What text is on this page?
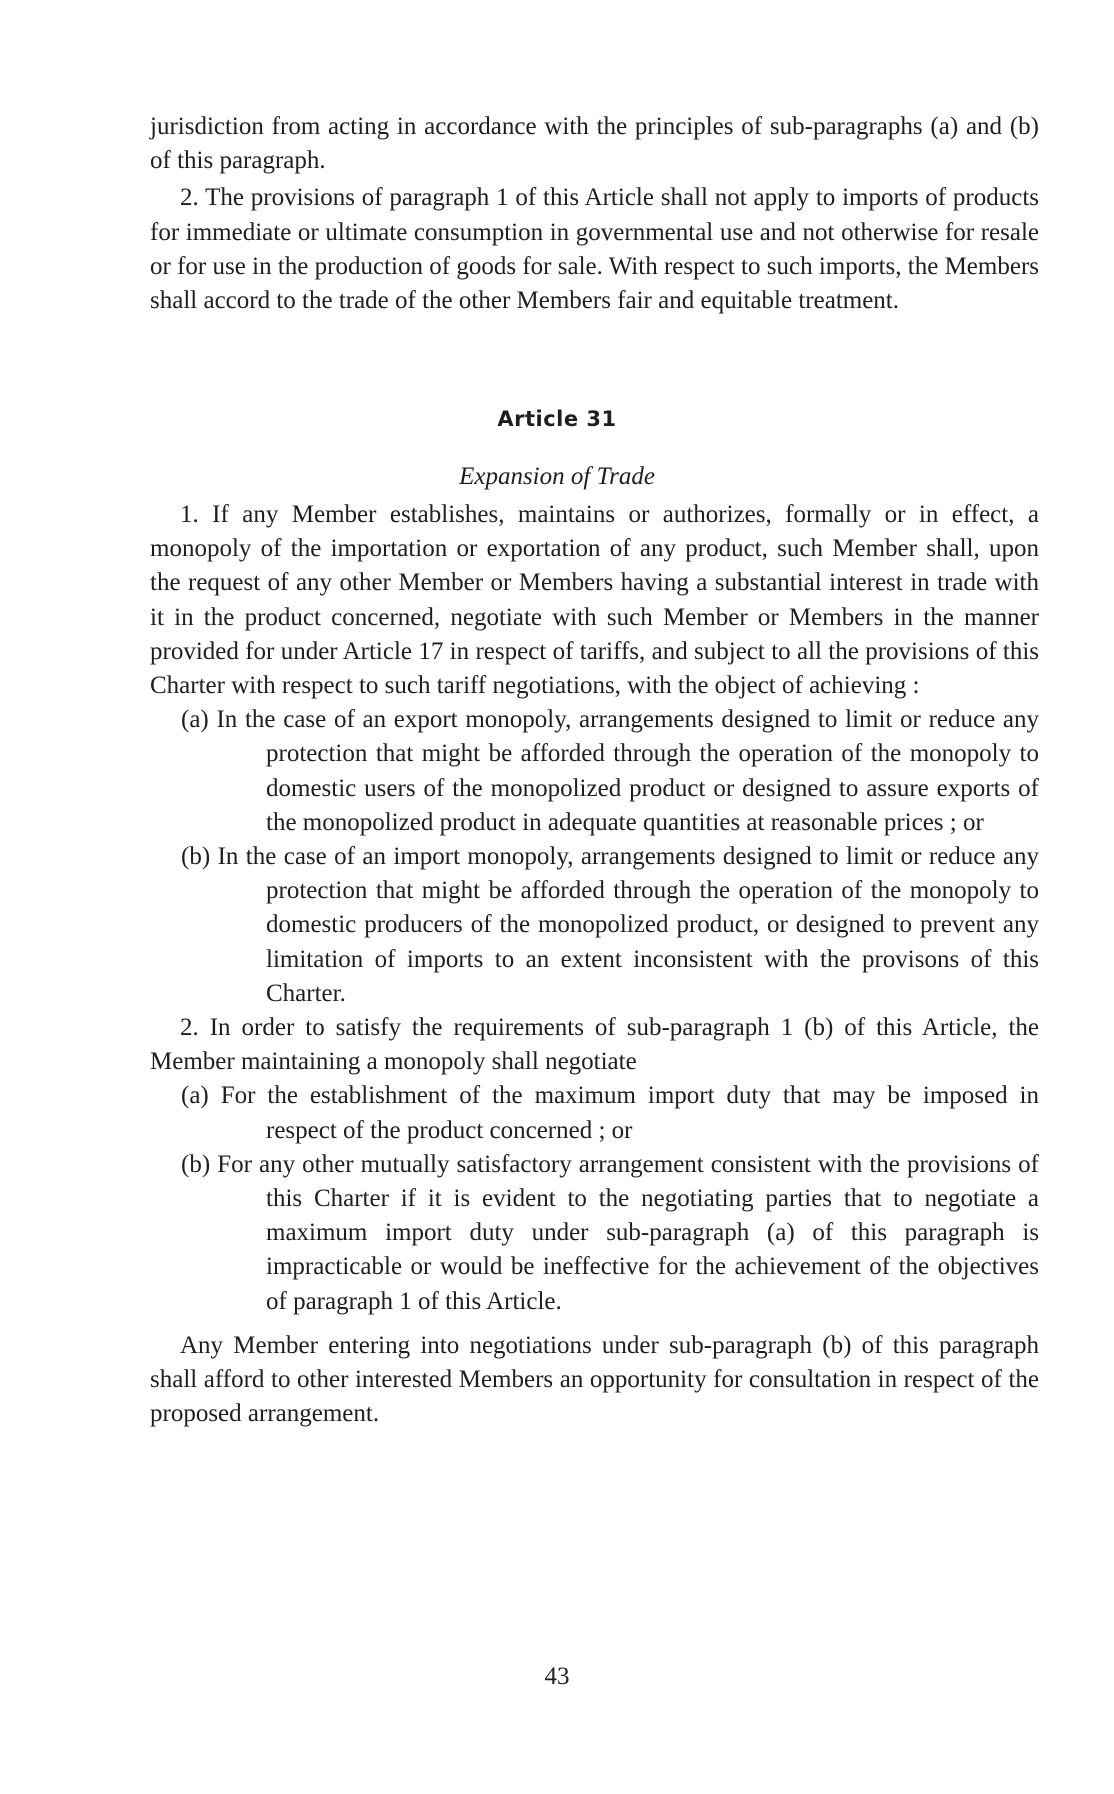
jurisdiction from acting in accordance with the principles of sub-paragraphs (a) and (b) of this paragraph.

2. The provisions of paragraph 1 of this Article shall not apply to imports of products for immediate or ultimate consumption in governmental use and not otherwise for resale or for use in the production of goods for sale. With respect to such imports, the Members shall accord to the trade of the other Members fair and equitable treatment.

Article 31
Expansion of Trade

1. If any Member establishes, maintains or authorizes, formally or in effect, a monopoly of the importation or exportation of any product, such Member shall, upon the request of any other Member or Members having a substantial interest in trade with it in the product concerned, negotiate with such Member or Members in the manner provided for under Article 17 in respect of tariffs, and subject to all the provisions of this Charter with respect to such tariff negotiations, with the object of achieving :

(a) In the case of an export monopoly, arrangements designed to limit or reduce any protection that might be afforded through the operation of the monopoly to domestic users of the monopolized product or designed to assure exports of the monopolized product in adequate quantities at reasonable prices ; or

(b) In the case of an import monopoly, arrangements designed to limit or reduce any protection that might be afforded through the operation of the monopoly to domestic producers of the monopolized product, or designed to prevent any limitation of imports to an extent inconsistent with the provisons of this Charter.

2. In order to satisfy the requirements of sub-paragraph 1 (b) of this Article, the Member maintaining a monopoly shall negotiate

(a) For the establishment of the maximum import duty that may be imposed in respect of the product concerned ; or

(b) For any other mutually satisfactory arrangement consistent with the provisions of this Charter if it is evident to the negotiating parties that to negotiate a maximum import duty under sub-paragraph (a) of this paragraph is impracticable or would be ineffective for the achievement of the objectives of paragraph 1 of this Article.

Any Member entering into negotiations under sub-paragraph (b) of this paragraph shall afford to other interested Members an opportunity for consultation in respect of the proposed arrangement.

43
